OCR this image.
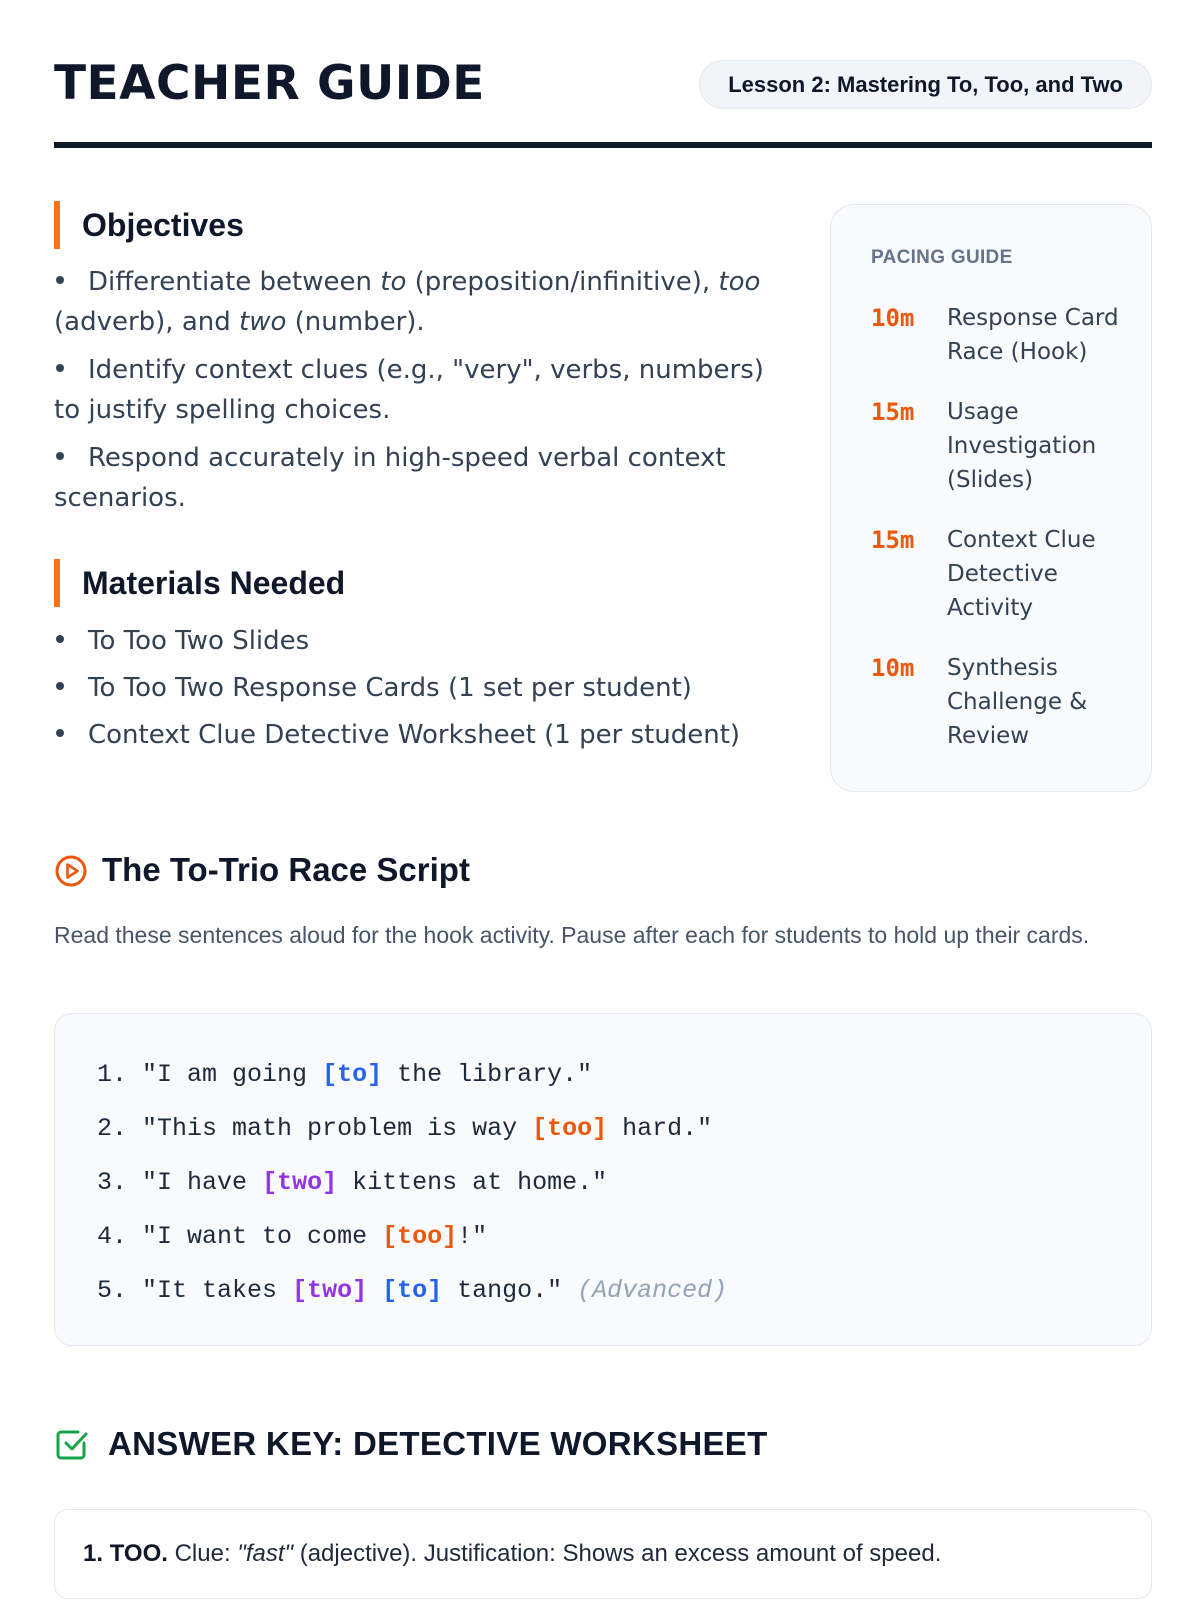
TEACHER GUIDE	Lesson 2: Mastering To, Too, and Two
Objectives
Differentiate between to (preposition/infinitive), too (adverb), and two (number).
Identify context clues (e.g., "very", verbs, numbers) to justify spelling choices.
Respond accurately in high-speed verbal context scenarios.
Materials Needed
To Too Two Slides
To Too Two Response Cards (1 set per student)
Context Clue Detective Worksheet (1 per student)
PACING GUIDE
10m Response Card Race (Hook)
15m Usage Investigation (Slides)
15m Context Clue Detective Activity
10m Synthesis Challenge & Review
The To-Trio Race Script
Read these sentences aloud for the hook activity. Pause after each for students to hold up their cards.
1. "I am going [to] the library."
2. "This math problem is way [too] hard."
3. "I have [two] kittens at home."
4. "I want to come [too]!"
5. "It takes [two] [to] tango." (Advanced)
ANSWER KEY: DETECTIVE WORKSHEET
1. TOO. Clue: "fast" (adjective). Justification: Shows an excess amount of speed.
